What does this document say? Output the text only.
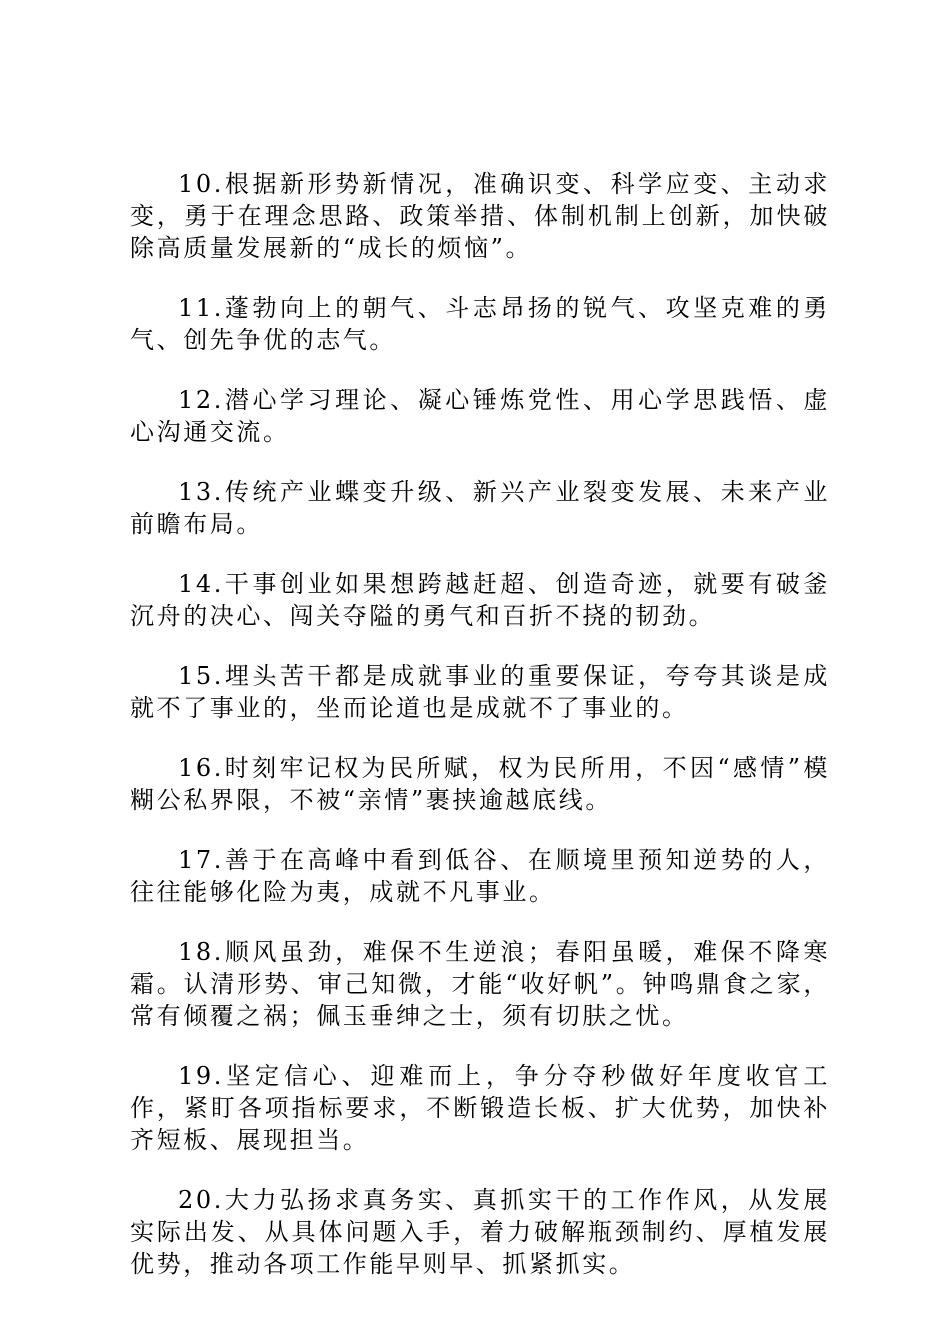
10.根据新形势新情况，准确识变、科学应变、主动求变，勇于在理念思路、政策举措、体制机制上创新，加快破除高质量发展新的“成长的烦恼”。

11.蓬勃向上的朝气、斗志昂扬的锐气、攻坚克难的勇气、创先争优的志气。

12.潜心学习理论、凝心锤炼党性、用心学思践悟、虚心沟通交流。

13.传统产业蝶变升级、新兴产业裂变发展、未来产业前瞻布局。

14.干事创业如果想跨越赶超、创造奇迹，就要有破釜沉舟的决心、闯关夺隘的勇气和百折不挠的韧劲。

15.埋头苦干都是成就事业的重要保证，夸夸其谈是成就不了事业的，坐而论道也是成就不了事业的。

16.时刻牢记权为民所赋，权为民所用，不因“感情”模糊公私界限，不被“亲情”裹挟逾越底线。

17.善于在高峰中看到低谷、在顺境里预知逆势的人，往往能够化险为夷，成就不凡事业。

18.顺风虽劲，难保不生逆浪；春阳虽暖，难保不降寒霜。认清形势、审己知微，才能“收好帆”。钟鸣鼎食之家，常有倾覆之祸；佩玉垂绅之士，须有切肤之忧。

19.坚定信心、迎难而上，争分夺秒做好年度收官工作，紧盯各项指标要求，不断锻造长板、扩大优势，加快补齐短板、展现担当。

20.大力弘扬求真务实、真抓实干的工作作风，从发展实际出发、从具体问题入手，着力破解瓶颈制约、厚植发展优势，推动各项工作能早则早、抓紧抓实。
